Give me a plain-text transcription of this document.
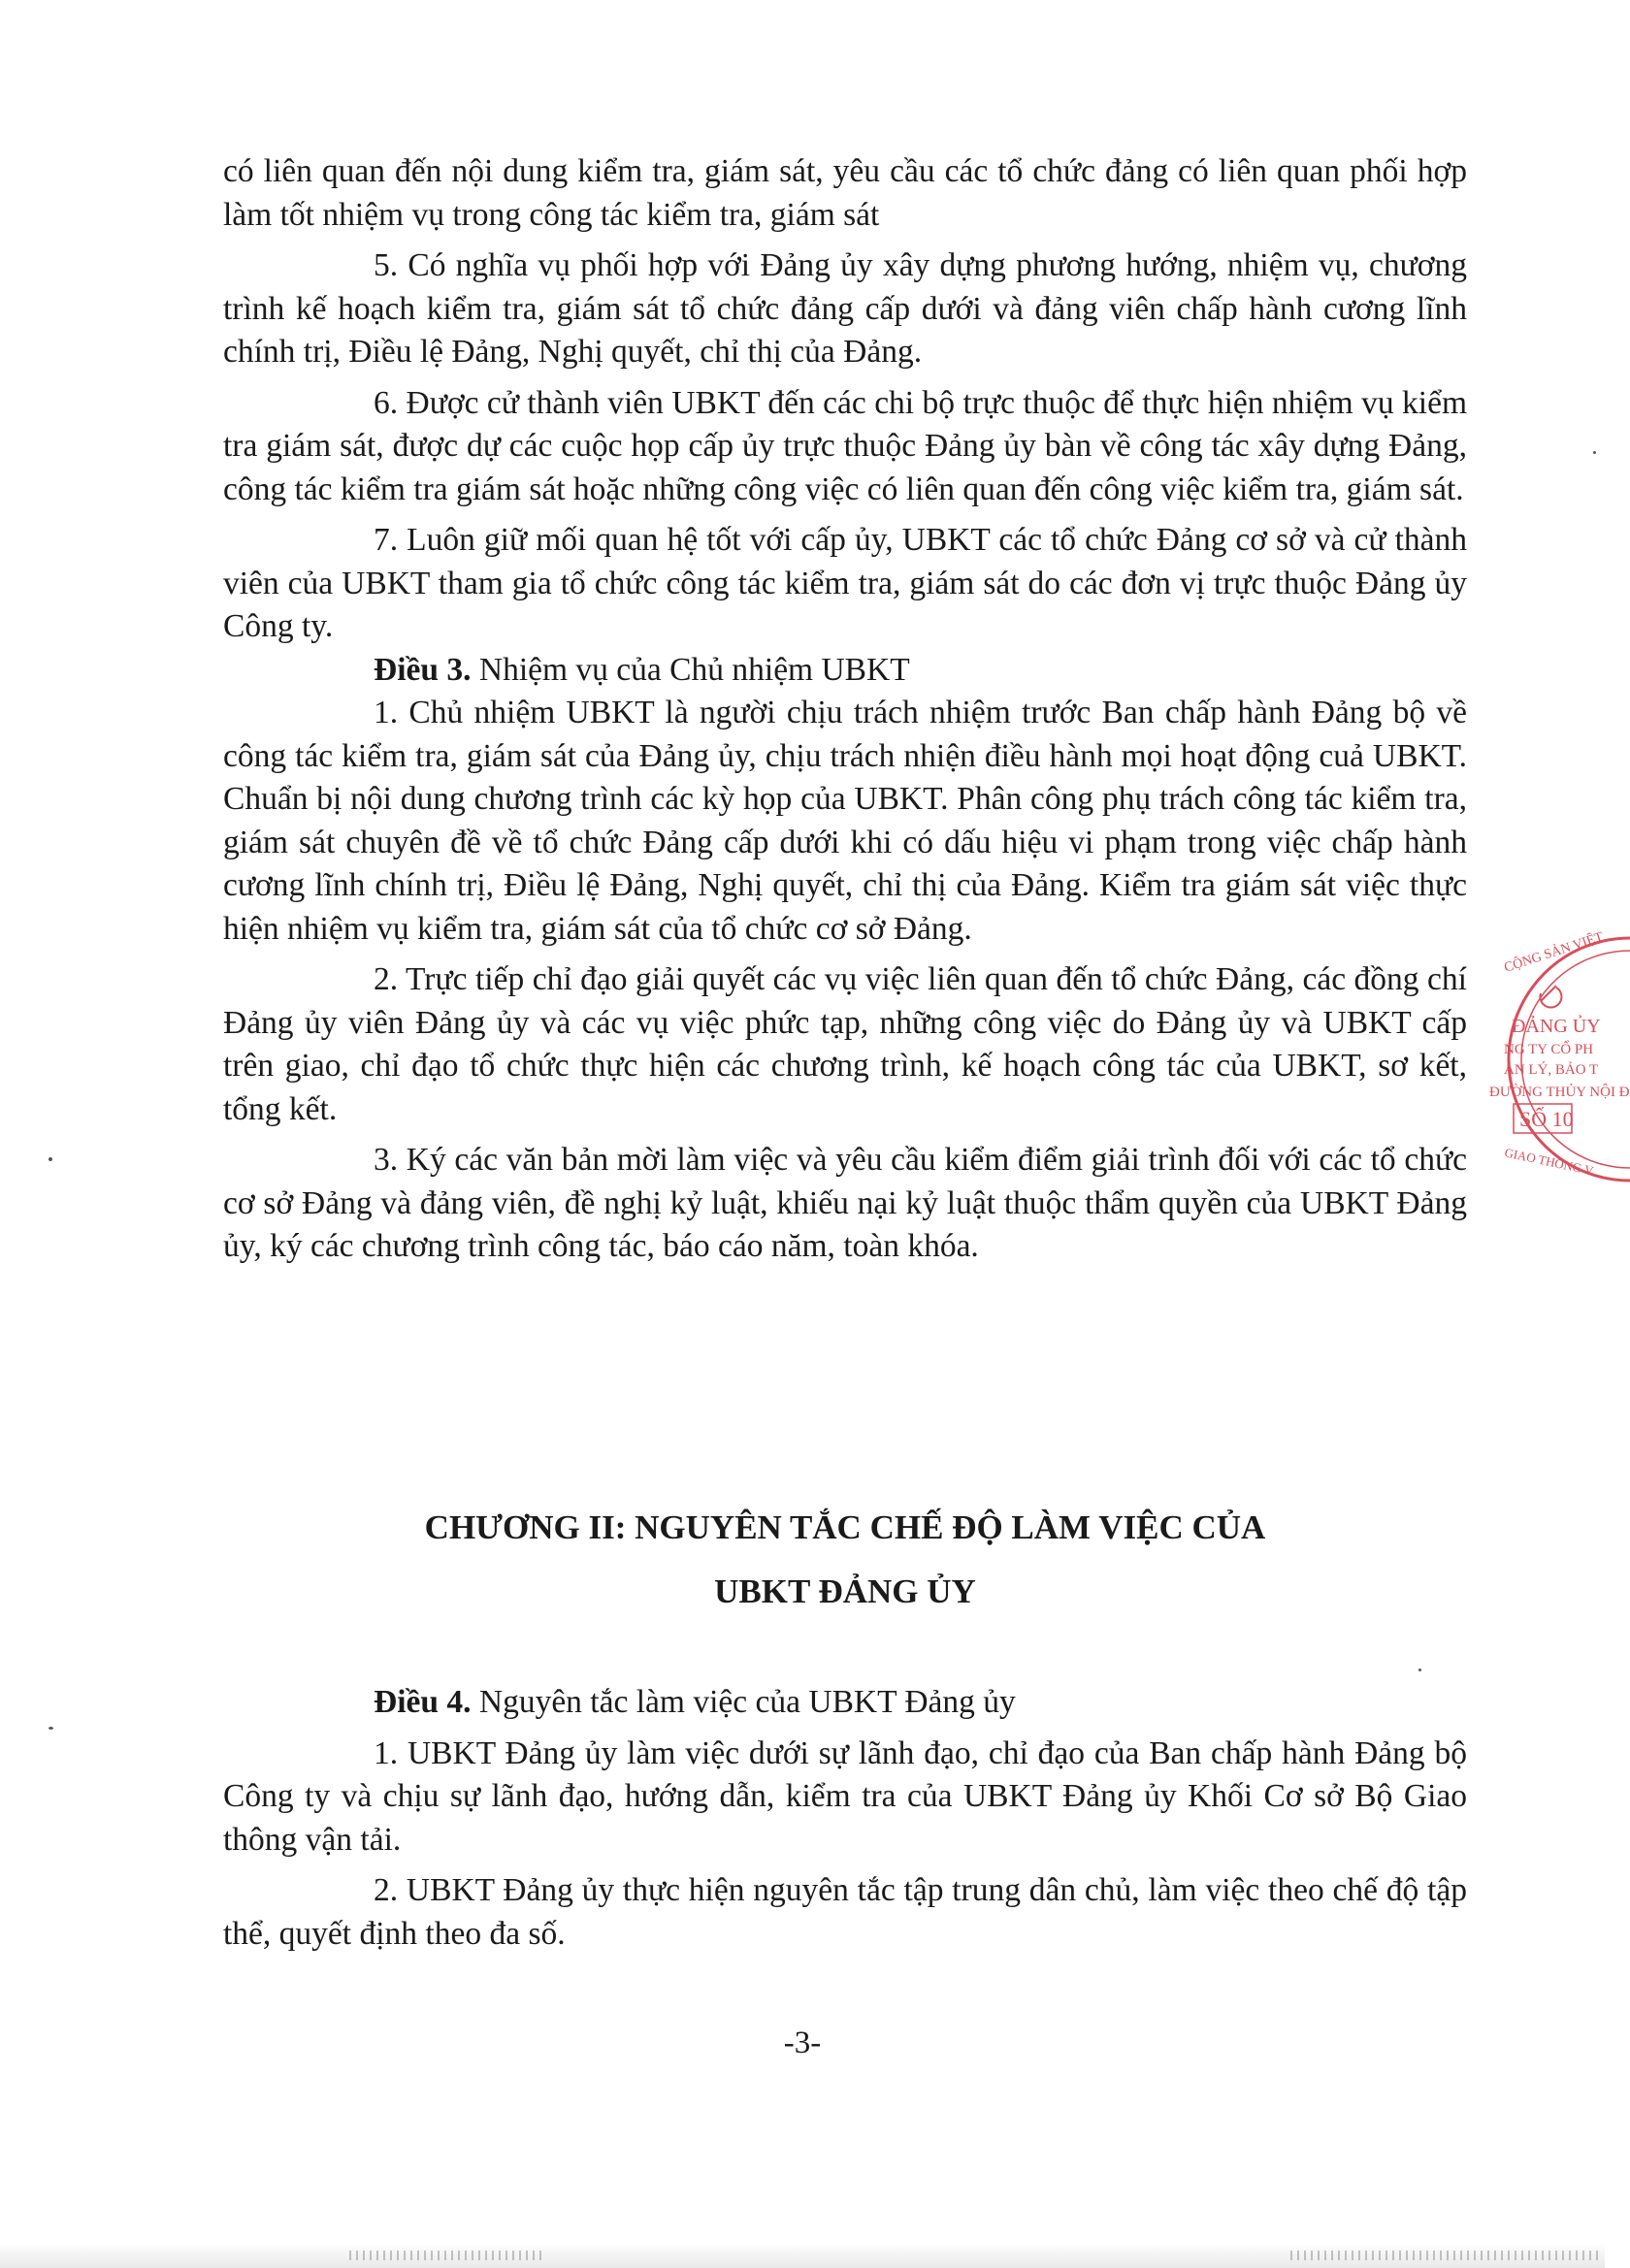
có liên quan đến nội dung kiểm tra, giám sát, yêu cầu các tổ chức đảng có liên quan phối hợp làm tốt nhiệm vụ trong công tác kiểm tra, giám sát

5. Có nghĩa vụ phối hợp với Đảng ủy xây dựng phương hướng, nhiệm vụ, chương trình kế hoạch kiểm tra, giám sát tổ chức đảng cấp dưới và đảng viên chấp hành cương lĩnh chính trị, Điều lệ Đảng, Nghị quyết, chỉ thị của Đảng.

6. Được cử thành viên UBKT đến các chi bộ trực thuộc để thực hiện nhiệm vụ kiểm tra giám sát, được dự các cuộc họp cấp ủy trực thuộc Đảng ủy bàn về công tác xây dựng Đảng, công tác kiểm tra giám sát hoặc những công việc có liên quan đến công việc kiểm tra, giám sát.

7. Luôn giữ mối quan hệ tốt với cấp ủy, UBKT các tổ chức Đảng cơ sở và cử thành viên của UBKT tham gia tổ chức công tác kiểm tra, giám sát do các đơn vị trực thuộc Đảng ủy Công ty.

Điều 3. Nhiệm vụ của Chủ nhiệm UBKT

1. Chủ nhiệm UBKT là người chịu trách nhiệm trước Ban chấp hành Đảng bộ về công tác kiểm tra, giám sát của Đảng ủy, chịu trách nhiện điều hành mọi hoạt động cuả UBKT. Chuẩn bị nội dung chương trình các kỳ họp của UBKT. Phân công phụ trách công tác kiểm tra, giám sát chuyên đề về tổ chức Đảng cấp dưới khi có dấu hiệu vi phạm trong việc chấp hành cương lĩnh chính trị, Điều lệ Đảng, Nghị quyết, chỉ thị của Đảng. Kiểm tra giám sát việc thực hiện nhiệm vụ kiểm tra, giám sát của tổ chức cơ sở Đảng.

2. Trực tiếp chỉ đạo giải quyết các vụ việc liên quan đến tổ chức Đảng, các đồng chí Đảng ủy viên Đảng ủy và các vụ việc phức tạp, những công việc do Đảng ủy và UBKT cấp trên giao, chỉ đạo tổ chức thực hiện các chương trình, kế hoạch công tác của UBKT, sơ kết, tổng kết.

3. Ký các văn bản mời làm việc và yêu cầu kiểm điểm giải trình đối với các tổ chức cơ sở Đảng và đảng viên, đề nghị kỷ luật, khiếu nại kỷ luật thuộc thẩm quyền của UBKT Đảng ủy, ký các chương trình công tác, báo cáo năm, toàn khóa.

CHƯƠNG II: NGUYÊN TẮC CHẾ ĐỘ LÀM VIỆC CỦA
UBKT ĐẢNG ỦY

Điều 4. Nguyên tắc làm việc của UBKT Đảng ủy

1. UBKT Đảng ủy làm việc dưới sự lãnh đạo, chỉ đạo của Ban chấp hành Đảng bộ Công ty và chịu sự lãnh đạo, hướng dẫn, kiểm tra của UBKT Đảng ủy Khối Cơ sở Bộ Giao thông vận tải.

2. UBKT Đảng ủy thực hiện nguyên tắc tập trung dân chủ, làm việc theo chế độ tập thể, quyết định theo đa số.

-3-
CỘNG SẢN VIỆT
ĐẢNG ỦY
NG TY CỔ PH
ẢN LÝ, BẢO T
ĐƯỜNG THỦY NỘI Đ
SỐ 10
GIAO THÔNG V
